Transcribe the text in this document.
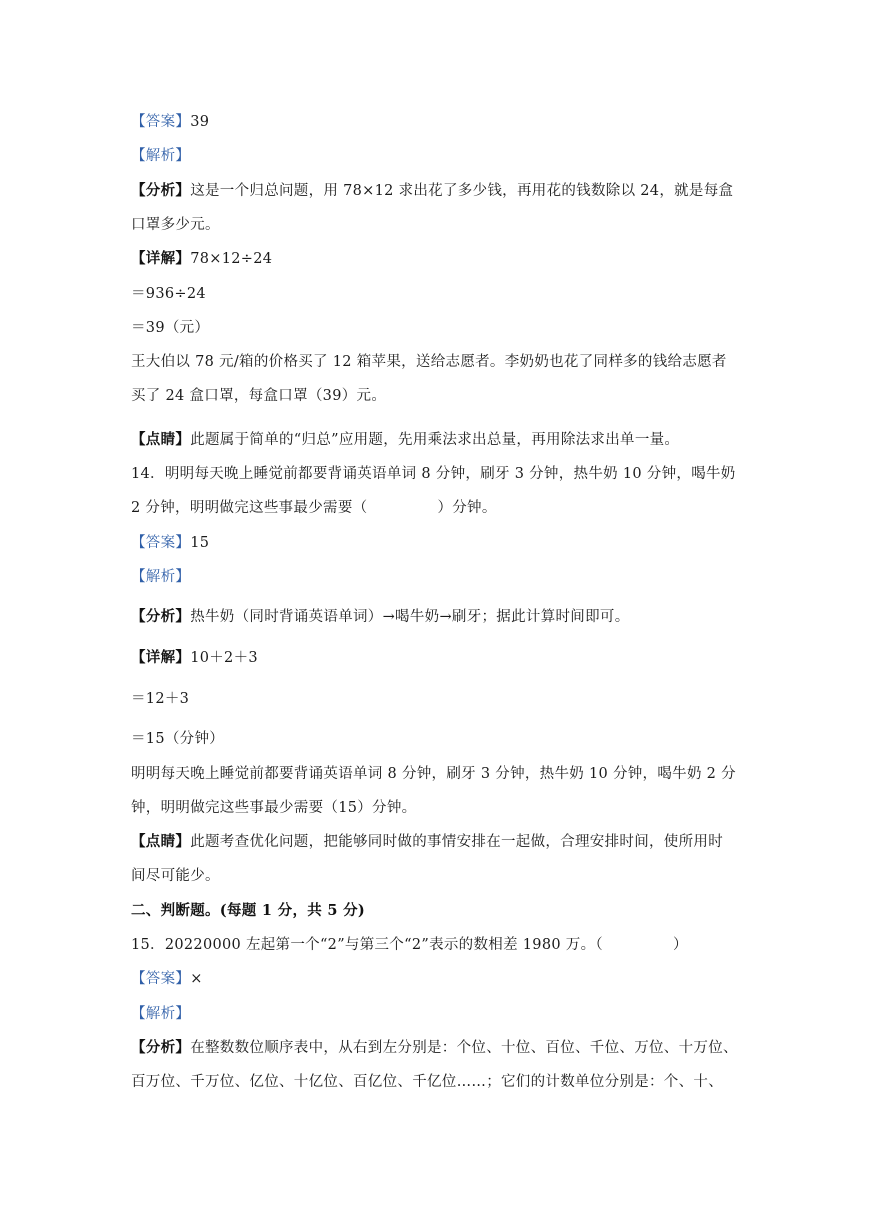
【答案】39
【解析】
【分析】这是一个归总问题，用 78×12 求出花了多少钱，再用花的钱数除以 24，就是每盒
口罩多少元。
【详解】78×12÷24
＝936÷24
＝39（元）
王大伯以 78 元/箱的价格买了 12 箱苹果，送给志愿者。李奶奶也花了同样多的钱给志愿者
买了 24 盒口罩，每盒口罩（39）元。
【点睛】此题属于简单的“归总”应用题，先用乘法求出总量，再用除法求出单一量。
14．明明每天晚上睡觉前都要背诵英语单词 8 分钟，刷牙 3 分钟，热牛奶 10 分钟，喝牛奶
2 分钟，明明做完这些事最少需要（	）分钟。
【答案】15
【解析】
【分析】热牛奶（同时背诵英语单词）→喝牛奶→刷牙；据此计算时间即可。
【详解】10＋2＋3
＝12＋3
＝15（分钟）
明明每天晚上睡觉前都要背诵英语单词 8 分钟，刷牙 3 分钟，热牛奶 10 分钟，喝牛奶 2 分
钟，明明做完这些事最少需要（15）分钟。
【点睛】此题考查优化问题，把能够同时做的事情安排在一起做，合理安排时间，使所用时
间尽可能少。
二、判断题。(每题 1 分，共 5 分)
15．20220000 左起第一个“2”与第三个“2”表示的数相差 1980 万。（	）
【答案】×
【解析】
【分析】在整数数位顺序表中，从右到左分别是：个位、十位、百位、千位、万位、十万位、
百万位、千万位、亿位、十亿位、百亿位、千亿位……；它们的计数单位分别是：个、十、
